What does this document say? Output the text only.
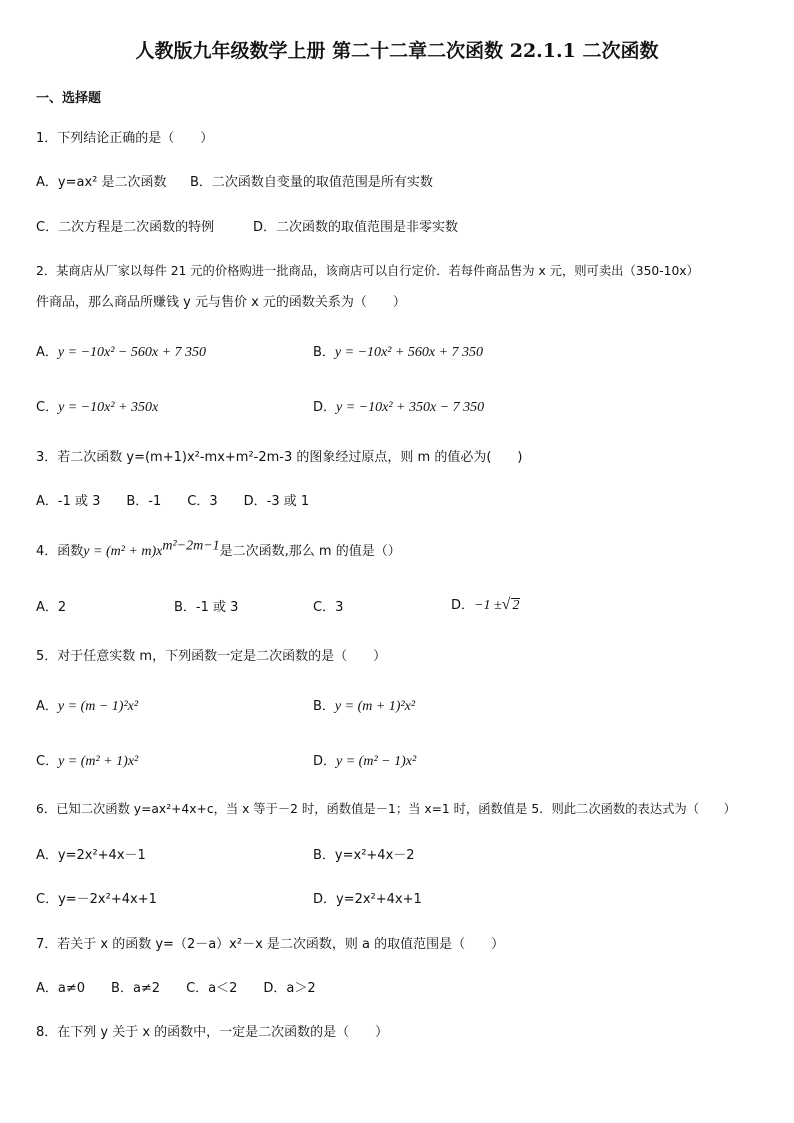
人教版九年级数学上册 第二十二章二次函数 22.1.1 二次函数
一、选择题
1．下列结论正确的是（　　）
A．y=ax² 是二次函数 B．二次函数自变量的取值范围是所有实数
C．二次方程是二次函数的特例	D．二次函数的取值范围是非零实数
2．某商店从厂家以每件 21 元的价格购进一批商品，该商店可以自行定价．若每件商品售为 x 元，则可卖出（350-10x）
件商品，那么商品所赚钱 y 元与售价 x 元的函数关系为（　　）
A．y = −10x² − 560x + 7 350	B．y = −10x² + 560x + 7 350
C．y = −10x² + 350x	D．y = −10x² + 350x − 7 350
3．若二次函数 y=(m+1)x²-mx+m²-2m-3 的图象经过原点，则 m 的值必为(　　)
A．-1 或 3　　B．-1　　C．3　　D．-3 或 1
4．函数$y = (m^2 + m)x^{m^2-2m-1}$是二次函数,那么 m 的值是（）
A．2	B．-1 或 3	C．3	D．−1 ±√ 2
5．对于任意实数 m，下列函数一定是二次函数的是（　　）
A．y = (m − 1)²x²	B．y = (m + 1)²x²
C．y = (m² + 1)x²	D．y = (m² − 1)x²
6．已知二次函数 y=ax²+4x+c，当 x 等于－2 时，函数值是－1；当 x=1 时，函数值是 5．则此二次函数的表达式为（　　）
A．y=2x²+4x－1	B．y=x²+4x－2
C．y=－2x²+4x+1	D．y=2x²+4x+1
7．若关于 x 的函数 y=（2－a）x²－x 是二次函数，则 a 的取值范围是（　　）
A．a≠0　　B．a≠2　　C．a＜2　　D．a＞2
8．在下列 y 关于 x 的函数中，一定是二次函数的是（　　）
